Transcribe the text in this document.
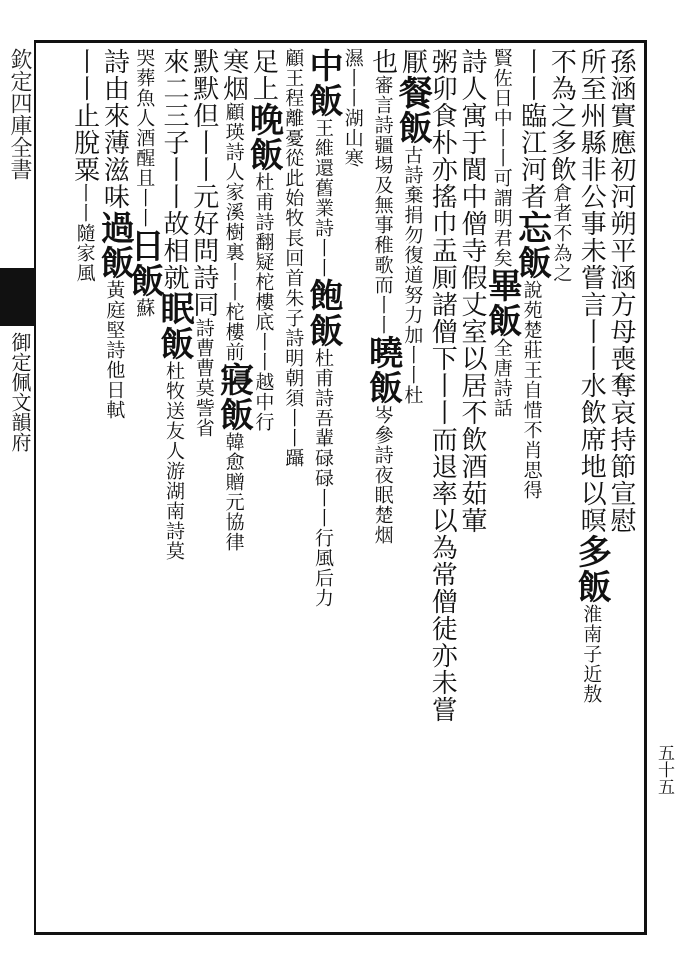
欽定四庫全書
御定佩文韻府
五十五
孫涵實應初河朔平涵方母喪奪哀持節宣慰
所至州縣非公事未嘗言丨丨水飲席地以暝多飯淮南子近敖
不為之多飲倉者不為之
丨丨臨江河者忘飯說苑楚莊王自惜不肖思得
賢佐日中丨丨可謂明君矣畢飯全唐詩話
詩人寓于閬中僧寺假丈室以居不飲酒茹葷
粥卯食朴亦搖巾盂厠諸僧下丨丨而退率以為常僧徒亦未嘗
厭餐飯古詩棄捐勿復道努力加丨丨杜
也審言詩疆埸及無事稚歌而丨丨曉飯岑參詩夜眠楚烟
濕丨丨湖山寒
中飯王維還舊業詩丨丨飽飯杜甫詩吾輩碌碌丨丨行風后力
顧王程離憂從此始牧長回首朱子詩明朝須丨丨躡
足上晚飯杜甫詩翻疑柁樓底丨丨越中行
寒烟顧瑛詩人家溪樹裏丨丨柁樓前寢飯韓愈贈元協律
默默但丨丨元好問詩同詩曹曹莫訾省
來二三子丨丨故相就眠飯杜牧送友人游湖南詩莫
哭葬魚人酒醒且丨丨日飯蘇
詩由來薄滋味過飯黃庭堅詩他日軾
丨丨止脫粟丨丨隨家風
